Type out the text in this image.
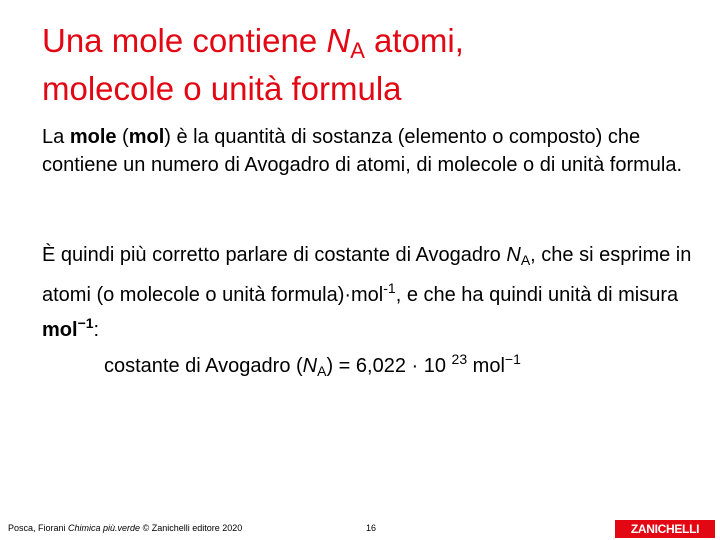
Una mole contiene $N_A$ atomi,
molecole o unità formula

La mole (mol) è la quantità di sostanza (elemento o composto) che contiene un numero di Avogadro di atomi, di molecole o di unità formula.

È quindi più corretto parlare di costante di Avogadro $N_A$, che si esprime in atomi (o molecole o unità formula)·mol$^{-1}$, e che ha quindi unità di misura mol$^{-1}$:

costante di Avogadro $(N_A) = 6,022 \cdot 10$ $^{23}$ mol$^{-1}$
Posca, Fiorani Chimica più.verde © Zanichelli editore 2020	16	ZANICHELLI
